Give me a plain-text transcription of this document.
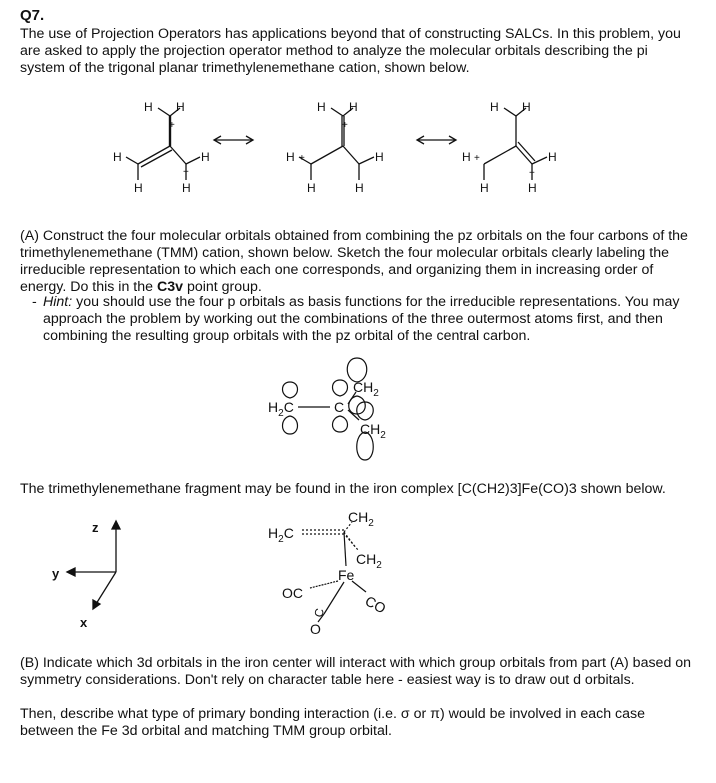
Q7.

The use of Projection Operators has applications beyond that of constructing SALCs. In this problem, you are asked to apply the projection operator method to analyze the molecular orbitals describing the pi system of the trigonal planar trimethylenemethane cation, shown below.

H H
+
H	H
+
H	H
H H
+
H +	H
H	H
H H
H +	H
+
H	H

(A) Construct the four molecular orbitals obtained from combining the pz orbitals on the four carbons of the trimethylenemethane (TMM) cation, shown below. Sketch the four molecular orbitals clearly labeling the irreducible representation to which each one corresponds, and organizing them in increasing order of energy. Do this in the C3v point group.

- Hint: you should use the four p orbitals as basis functions for the irreducible representations. You may approach the problem by working out the combinations of the three outermost atoms first, and then combining the resulting group orbitals with the pz orbital of the central carbon.
$H_2C$	C
$CH_2$
$CH_2$

The trimethylenemethane fragment may be found in the iron complex [C(CH2)3]Fe(CO)3 shown below.

z
y
x
$CH_2$
$H_2C$
$CH_2$
Fe
OC	CO
C
O

(B) Indicate which 3d orbitals in the iron center will interact with which group orbitals from part (A) based on symmetry considerations. Don't rely on character table here - easiest way is to draw out d orbitals.

Then, describe what type of primary bonding interaction (i.e. σ or π) would be involved in each case between the Fe 3d orbital and matching TMM group orbital.
